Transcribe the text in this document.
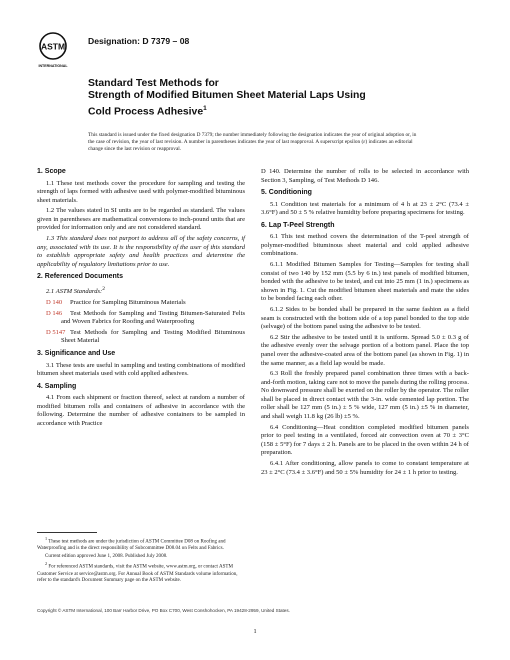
ASTM
INTERNATIONAL
Designation: D 7379 – 08
Standard Test Methods for
Strength of Modified Bitumen Sheet Material Laps Using
Cold Process Adhesive$^1$
This standard is issued under the fixed designation D 7379; the number immediately following the designation indicates the year of original adoption or, in the case of revision, the year of last revision. A number in parentheses indicates the year of last reapproval. A superscript epsilon (ε) indicates an editorial change since the last revision or reapproval.
1. Scope

1.1 These test methods cover the procedure for sampling and testing the strength of laps formed with adhesive used with polymer-modified bituminous sheet materials.

1.2 The values stated in SI units are to be regarded as standard. The values given in parentheses are mathematical conversions to inch-pound units that are provided for information only and are not considered standard.

1.3 This standard does not purport to address all of the safety concerns, if any, associated with its use. It is the responsibility of the user of this standard to establish appropriate safety and health practices and determine the applicability of regulatory limitations prior to use.

2. Referenced Documents

2.1 ASTM Standards:$^2$

D 140 Practice for Sampling Bituminous Materials

D 146 Test Methods for Sampling and Testing Bitumen-Saturated Felts and Woven Fabrics for Roofing and Waterproofing

D 5147 Test Methods for Sampling and Testing Modified Bituminous Sheet Material

3. Significance and Use

3.1 These tests are useful in sampling and testing combinations of modified bitumen sheet materials used with cold applied adhesives.

4. Sampling

4.1 From each shipment or fraction thereof, select at random a number of modified bitumen rolls and containers of adhesive in accordance with the following. Determine the number of adhesive containers to be sampled in accordance with Practice

$^1$ These test methods are under the jurisdiction of ASTM Committee D08 on Roofing and Waterproofing and is the direct responsibility of Subcommittee D08.04 on Felts and Fabrics.

Current edition approved June 1, 2008. Published July 2008.

$^2$ For referenced ASTM standards, visit the ASTM website, www.astm.org, or contact ASTM Customer Service at service@astm.org. For Annual Book of ASTM Standards volume information, refer to the standard's Document Summary page on the ASTM website.

D 140. Determine the number of rolls to be selected in accordance with Section 3, Sampling, of Test Methods D 146.

5. Conditioning

5.1 Condition test materials for a minimum of 4 h at 23 ± 2°C (73.4 ± 3.6°F) and 50 ± 5 % relative humidity before preparing specimens for testing.

6. Lap T-Peel Strength

6.1 This test method covers the determination of the T-peel strength of polymer-modified bituminous sheet material and cold applied adhesive combinations.

6.1.1 Modified Bitumen Samples for Testing—Samples for testing shall consist of two 140 by 152 mm (5.5 by 6 in.) test panels of modified bitumen, bonded with the adhesive to be tested, and cut into 25 mm (1 in.) specimens as shown in Fig. 1. Cut the modified bitumen sheet materials and mate the sides to be bonded facing each other.

6.1.2 Sides to be bonded shall be prepared in the same fashion as a field seam is constructed with the bottom side of a top panel bonded to the top side (selvage) of the bottom panel using the adhesive to be tested.

6.2 Stir the adhesive to be tested until it is uniform. Spread 5.0 ± 0.3 g of the adhesive evenly over the selvage portion of a bottom panel. Place the top panel over the adhesive-coated area of the bottom panel (as shown in Fig. 1) in the same manner, as a field lap would be made.

6.3 Roll the freshly prepared panel combination three times with a back-and-forth motion, taking care not to move the panels during the rolling process. No downward pressure shall be exerted on the roller by the operator. The roller shall be placed in direct contact with the 3-in. wide cemented lap portion. The roller shall be 127 mm (5 in.) ± 5 % wide, 127 mm (5 in.) ±5 % in diameter, and shall weigh 11.8 kg (26 lb) ±5 %.

6.4 Conditioning—Heat condition completed modified bitumen panels prior to peel testing in a ventilated, forced air convection oven at 70 ± 3°C (158 ± 5°F) for 7 days ± 2 h. Panels are to be placed in the oven within 24 h of preparation.

6.4.1 After conditioning, allow panels to come to constant temperature at 23 ± 2°C (73.4 ± 3.6°F) and 50 ± 5% humidity for 24 ± 1 h prior to testing.

Copyright © ASTM International, 100 Barr Harbor Drive, PO Box C700, West Conshohocken, PA 19428-2959, United States.
1
